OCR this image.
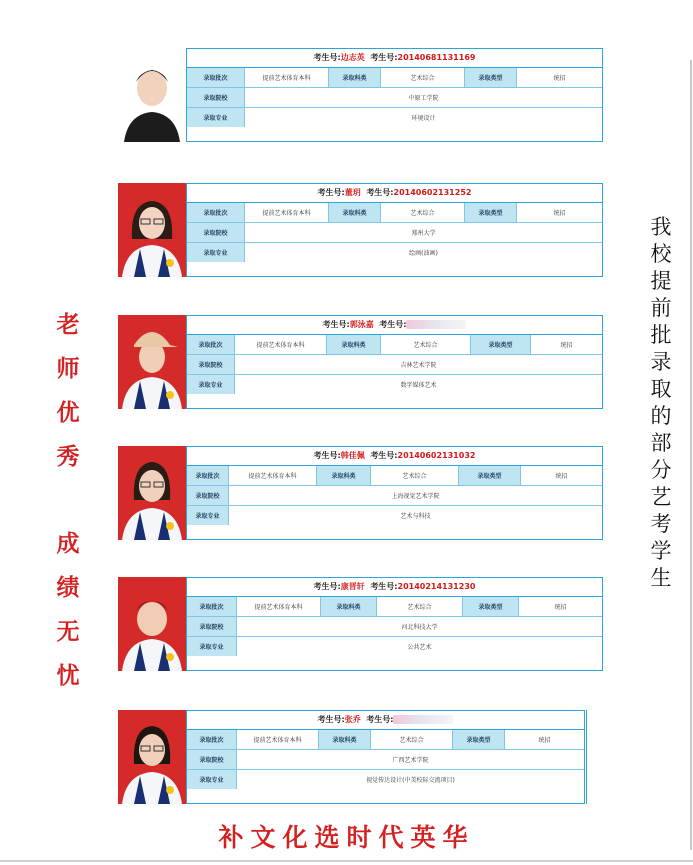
考生号:边志英 考生号:20140681131169
录取批次	提前艺术体育本科	录取科类	艺术综合	录取类型	统招
录取院校	中原工学院
录取专业	环境设计
考生号:董玥 考生号:20140602131252
录取批次	提前艺术体育本科	录取科类	艺术综合	录取类型	统招
录取院校	郑州大学
录取专业	绘画(油画)
考生号:郭泳嘉 考生号:
录取批次	提前艺术体育本科	录取科类	艺术综合	录取类型	统招
录取院校	吉林艺术学院
录取专业	数字媒体艺术
考生号:韩佳佩 考生号:20140602131032
录取批次	提前艺术体育本科	录取科类	艺术综合	录取类型	统招
录取院校	上海视觉艺术学院
录取专业	艺术与科技
考生号:康晋轩 考生号:20140214131230
录取批次	提前艺术体育本科	录取科类	艺术综合	录取类型	统招
录取院校	河北科技大学
录取专业	公共艺术
考生号:张乔 考生号:
录取批次	提前艺术体育本科	录取科类	艺术综合	录取类型	统招
录取院校	广西艺术学院
录取专业	视觉传达设计(中美校际交流项目)
老
师
优
秀
成
绩
无
忧
我
校
提
前
批
录
取
的
部
分
艺
考
学
生
补文化选时代英华
